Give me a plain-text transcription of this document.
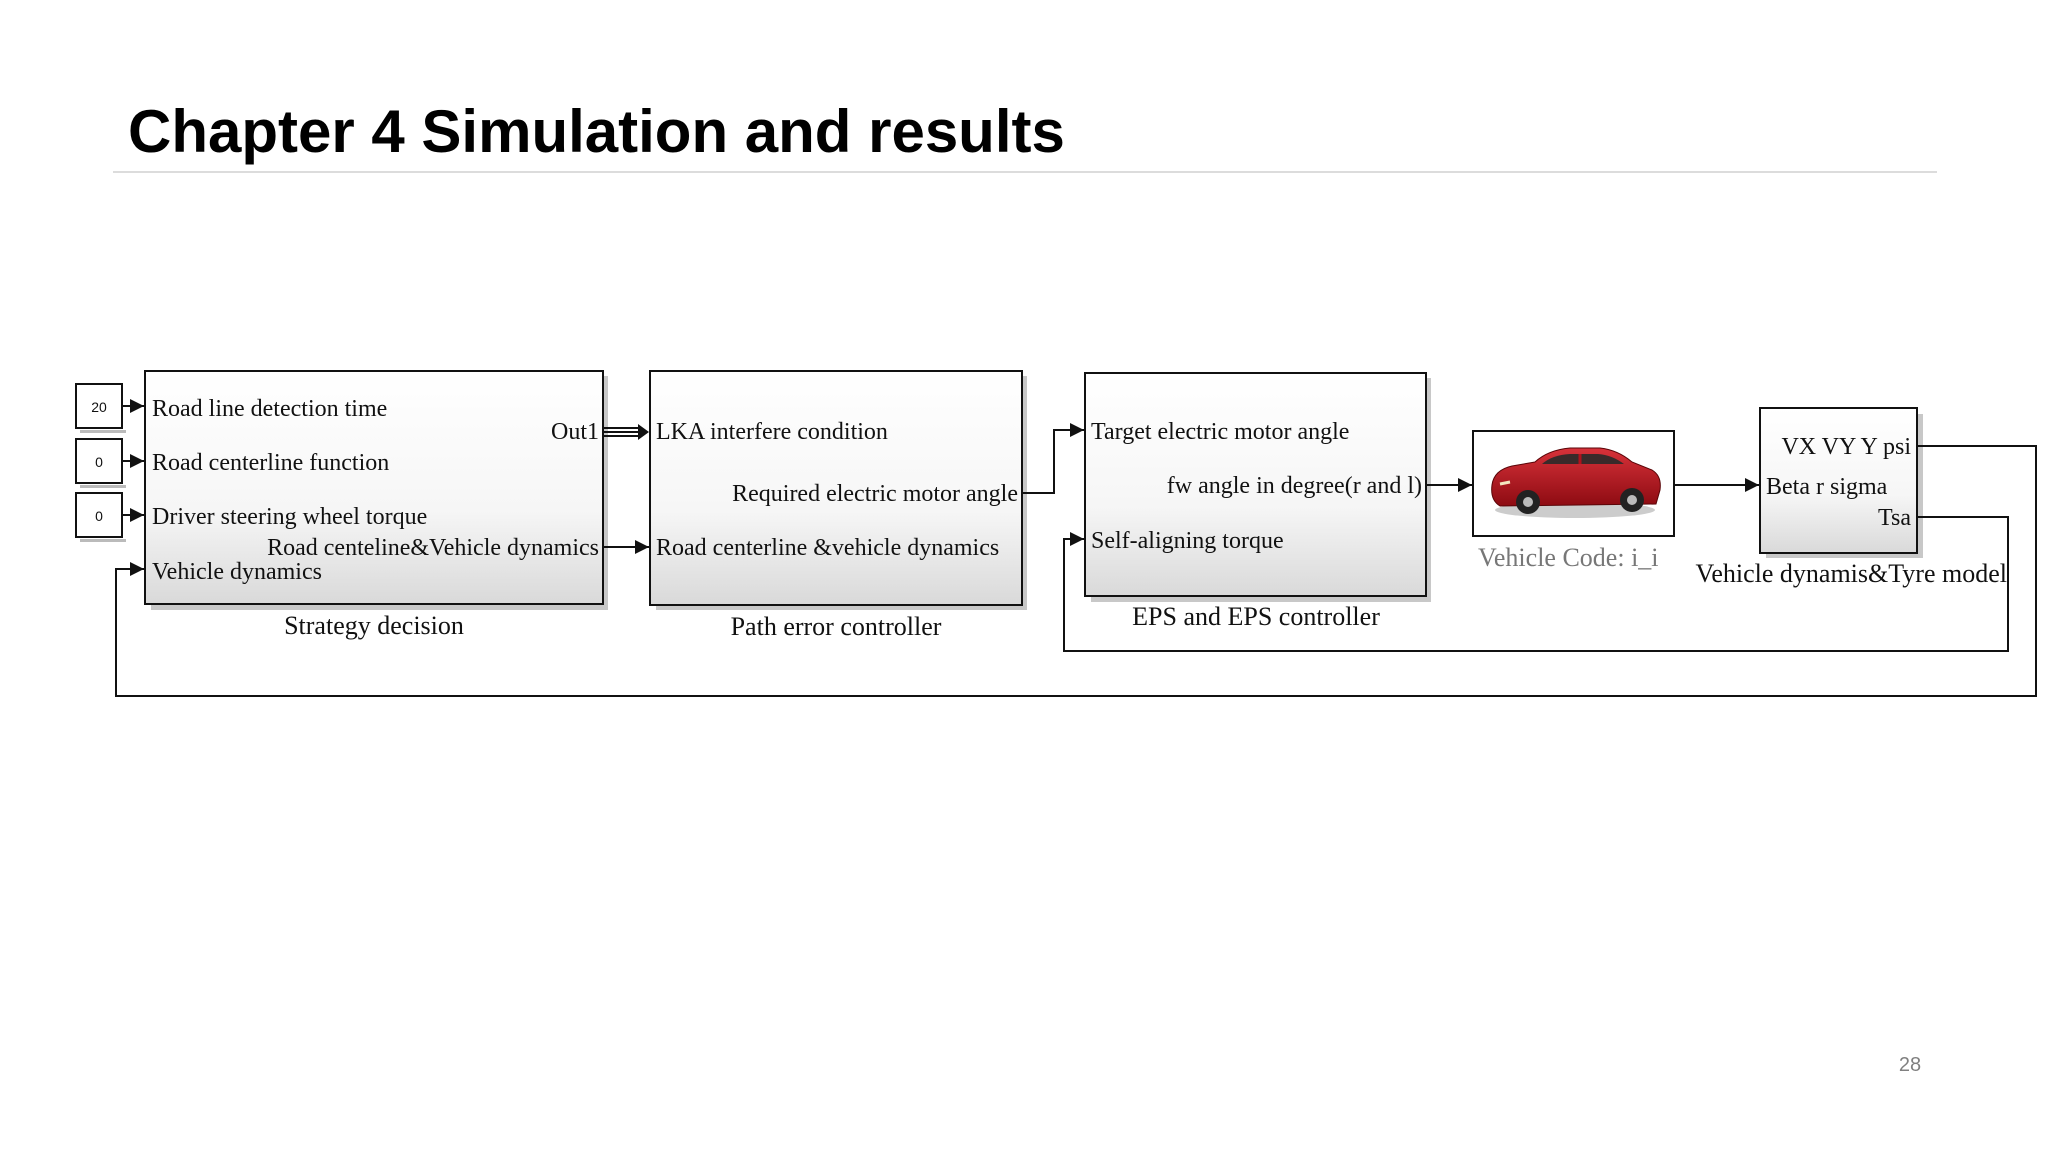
Chapter 4 Simulation and results
20
0
0
Road line detection time
Road centerline function
Driver steering wheel torque
Vehicle dynamics
Out1
Road centeline&Vehicle dynamics
Strategy decision
LKA interfere condition
Road centerline &vehicle dynamics
Required electric motor angle
Path error controller
Target electric motor angle
Self-aligning torque
fw angle in degree(r and l)
EPS and EPS controller
Vehicle Code: i_i
VX VY Y psi
Beta r sigma
Tsa
Vehicle dynamis&Tyre model
28
